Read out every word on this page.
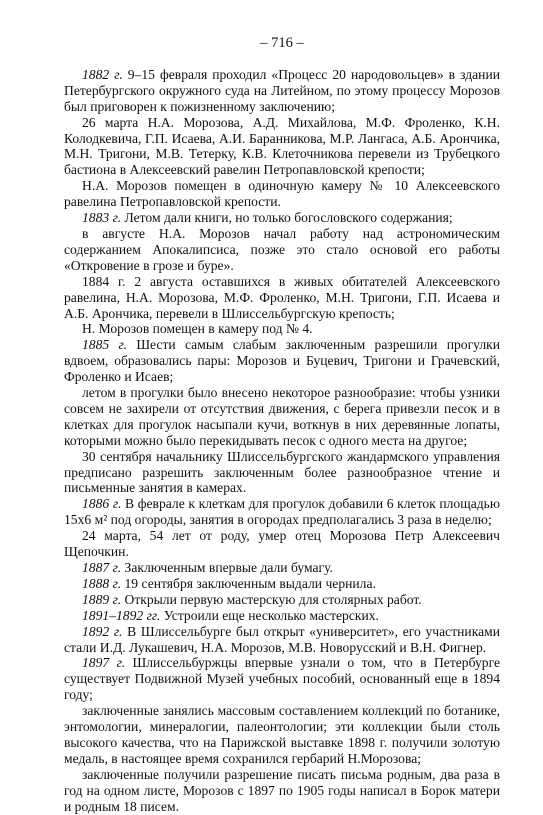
– 716 –

1882 г. 9–15 февраля проходил «Процесс 20 народовольцев» в здании Петербургского окружного суда на Литейном, по этому процессу Морозов был приговорен к пожизненному заключению;

26 марта Н.А. Морозова, А.Д. Михайлова, М.Ф. Фроленко, К.Н. Колодкевича, Г.П. Исаева, А.И. Баранникова, М.Р. Лангаса, А.Б. Арончика, М.Н. Тригони, М.В. Тетерку, К.В. Клеточникова перевели из Трубецкого бастиона в Алексеевский равелин Петропавловской крепости;

Н.А. Морозов помещен в одиночную камеру № 10 Алексеевского равелина Петропавловской крепости.

1883 г. Летом дали книги, но только богословского содержания;

в августе Н.А. Морозов начал работу над астрономическим содержанием Апокалипсиса, позже это стало основой его работы «Откровение в грозе и буре».

1884 г. 2 августа оставшихся в живых обитателей Алексеевского равелина, Н.А. Морозова, М.Ф. Фроленко, М.Н. Тригони, Г.П. Исаева и А.Б. Арончика, перевели в Шлиссельбургскую крепость;

Н. Морозов помещен в камеру под № 4.

1885 г. Шести самым слабым заключенным разрешили прогулки вдвоем, образовались пары: Морозов и Буцевич, Тригони и Грачевский, Фроленко и Исаев;

летом в прогулки было внесено некоторое разнообразие: чтобы узники совсем не захирели от отсутствия движения, с берега привезли песок и в клетках для прогулок насыпали кучи, воткнув в них деревянные лопаты, которыми можно было перекидывать песок с одного места на другое;

30 сентября начальнику Шлиссельбургского жандармского управления предписано разрешить заключенным более разнообразное чтение и письменные занятия в камерах.

1886 г. В феврале к клеткам для прогулок добавили 6 клеток площадью 15х6 м² под огороды, занятия в огородах предполагались 3 раза в неделю;

24 марта, 54 лет от роду, умер отец Морозова Петр Алексеевич Щепочкин.

1887 г. Заключенным впервые дали бумагу.

1888 г. 19 сентября заключенным выдали чернила.

1889 г. Открыли первую мастерскую для столярных работ.

1891–1892 гг. Устроили еще несколько мастерских.

1892 г. В Шлиссельбурге был открыт «университет», его участниками стали И.Д. Лукашевич, Н.А. Морозов, М.В. Новорусский и В.Н. Фигнер.

1897 г. Шлиссельбуржцы впервые узнали о том, что в Петербурге существует Подвижной Музей учебных пособий, основанный еще в 1894 году;

заключенные занялись массовым составлением коллекций по ботанике, энтомологии, минералогии, палеонтологии; эти коллекции были столь высокого качества, что на Парижской выставке 1898 г. получили золотую медаль, в настоящее время сохранился гербарий Н.Морозова;

заключенные получили разрешение писать письма родным, два раза в год на одном листе, Морозов с 1897 по 1905 годы написал в Борок матери и родным 18 писем.
